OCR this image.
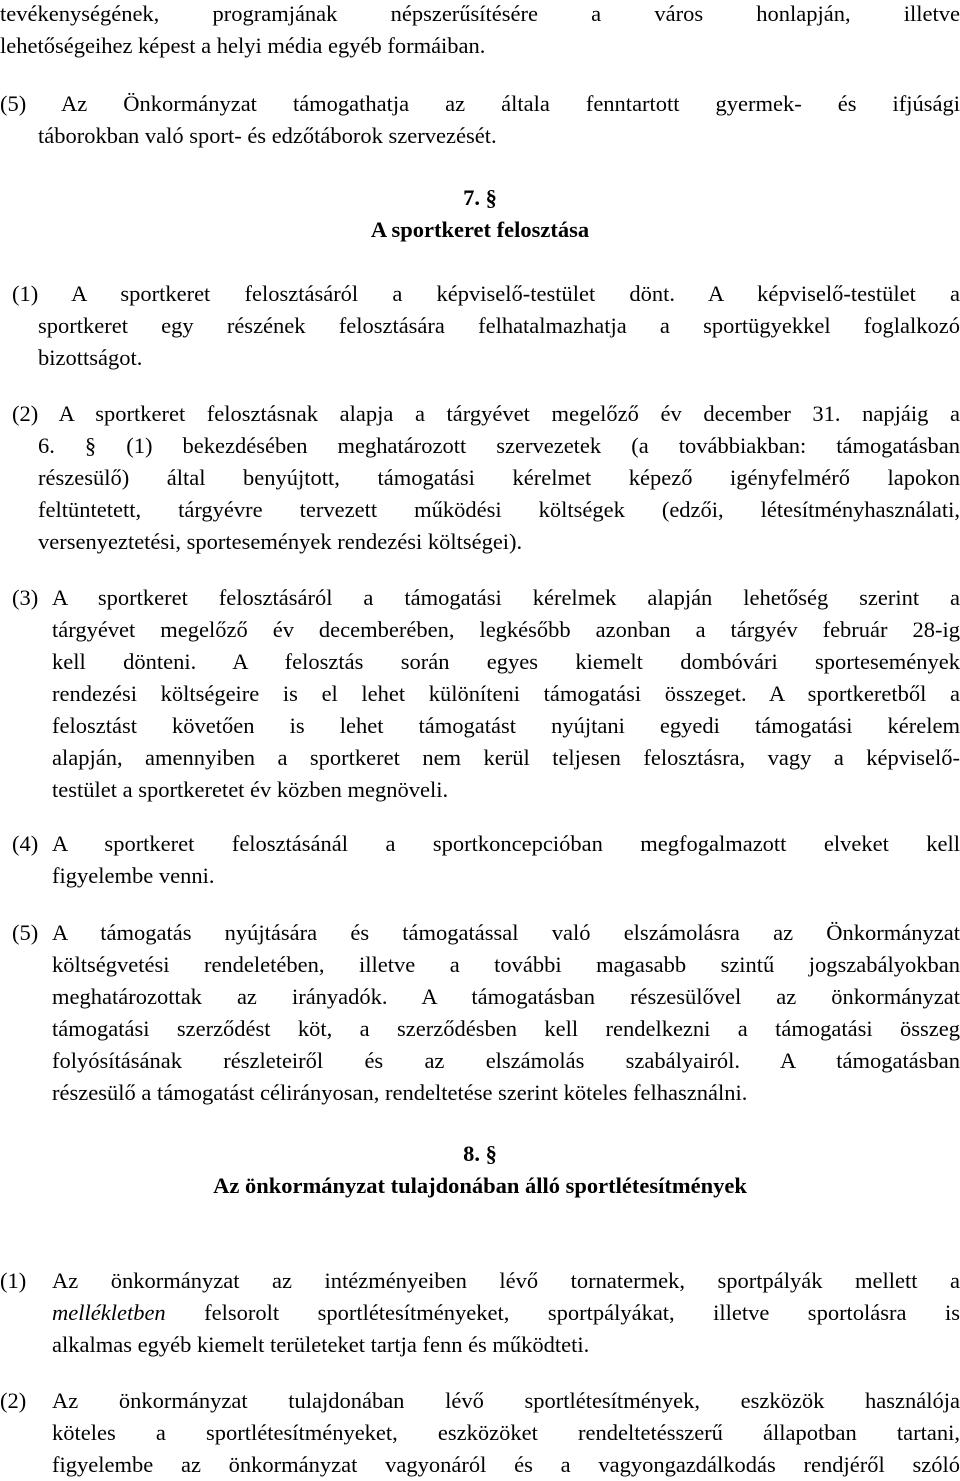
tevékenységének, programjának népszerűsítésére a város honlapján, illetve
lehetőségeihez képest a helyi média egyéb formáiban.
(5) Az Önkormányzat támogathatja az általa fenntartott gyermek- és ifjúsági
táborokban való sport- és edzőtáborok szervezését.
7. §
A sportkeret felosztása
(1) A sportkeret felosztásáról a képviselő-testület dönt. A képviselő-testület a
sportkeret egy részének felosztására felhatalmazhatja a sportügyekkel foglalkozó
bizottságot.
(2) A sportkeret felosztásnak alapja a tárgyévet megelőző év december 31. napjáig a
6. § (1) bekezdésében meghatározott szervezetek (a továbbiakban: támogatásban
részesülő) által benyújtott, támogatási kérelmet képező igényfelmérő lapokon
feltüntetett, tárgyévre tervezett működési költségek (edzői, létesítményhasználati,
versenyeztetési, sportesemények rendezési költségei).
(3) A sportkeret felosztásáról a támogatási kérelmek alapján lehetőség szerint a
tárgyévet megelőző év decemberében, legkésőbb azonban a tárgyév február 28-ig
kell dönteni. A felosztás során egyes kiemelt dombóvári sportesemények
rendezési költségeire is el lehet különíteni támogatási összeget. A sportkeretből a
felosztást követően is lehet támogatást nyújtani egyedi támogatási kérelem
alapján, amennyiben a sportkeret nem kerül teljesen felosztásra, vagy a képviselő-
testület a sportkeretet év közben megnöveli.
(4) A sportkeret felosztásánál a sportkoncepcióban megfogalmazott elveket kell
figyelembe venni.
(5) A támogatás nyújtására és támogatással való elszámolásra az Önkormányzat
költségvetési rendeletében, illetve a további magasabb szintű jogszabályokban
meghatározottak az irányadók. A támogatásban részesülővel az önkormányzat
támogatási szerződést köt, a szerződésben kell rendelkezni a támogatási összeg
folyósításának részleteiről és az elszámolás szabályairól. A támogatásban
részesülő a támogatást célirányosan, rendeltetése szerint köteles felhasználni.
8. §
Az önkormányzat tulajdonában álló sportlétesítmények
(1) Az önkormányzat az intézményeiben lévő tornatermek, sportpályák mellett a
mellékletben felsorolt sportlétesítményeket, sportpályákat, illetve sportolásra is
alkalmas egyéb kiemelt területeket tartja fenn és működteti.
(2) Az önkormányzat tulajdonában lévő sportlétesítmények, eszközök használója
köteles a sportlétesítményeket, eszközöket rendeltetésszerű állapotban tartani,
figyelembe az önkormányzat vagyonáról és a vagyongazdálkodás rendjéről szóló
